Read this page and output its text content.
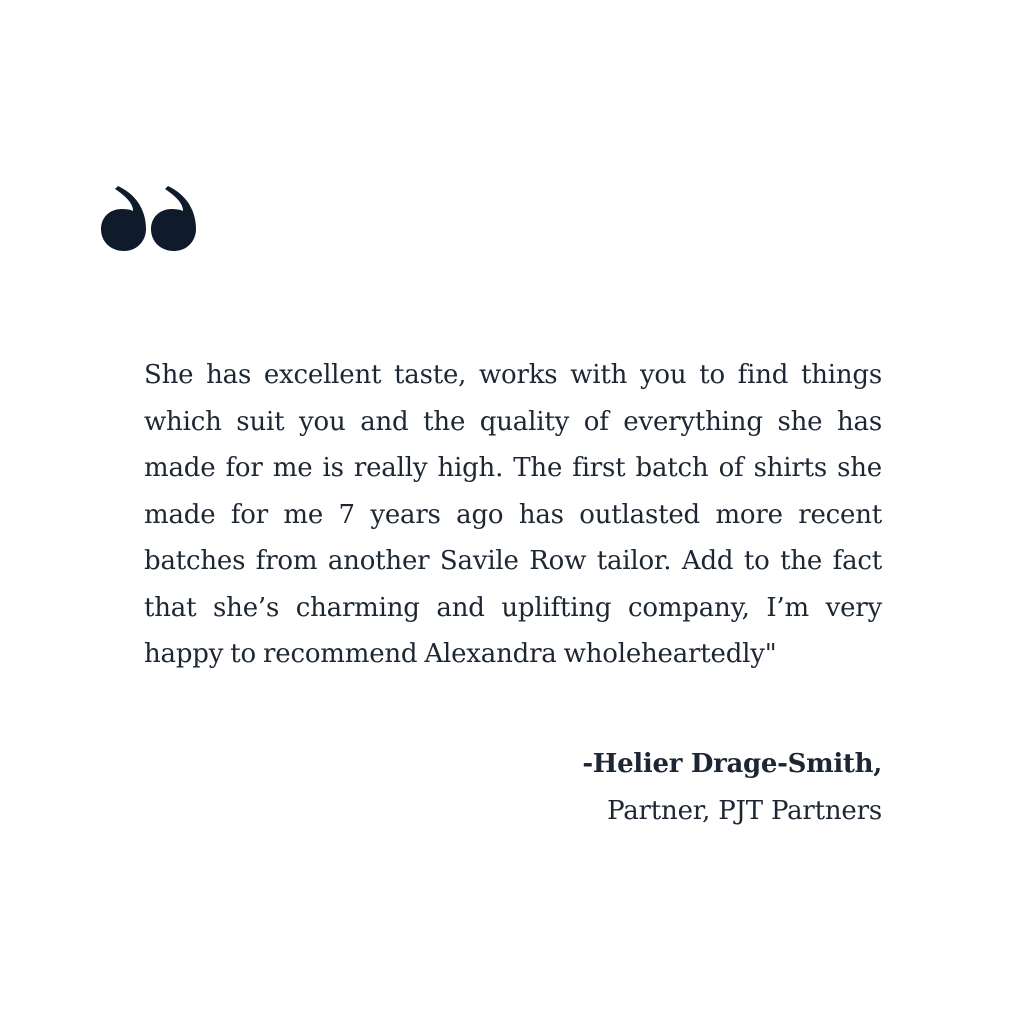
She has excellent taste, works with you to find things which suit you and the quality of everything she has made for me is really high. The first batch of shirts she made for me 7 years ago has outlasted more recent batches from another Savile Row tailor. Add to the fact that she’s charming and uplifting company, I’m very happy to recommend Alexandra wholeheartedly"

-Helier Drage-Smith,
Partner, PJT Partners
